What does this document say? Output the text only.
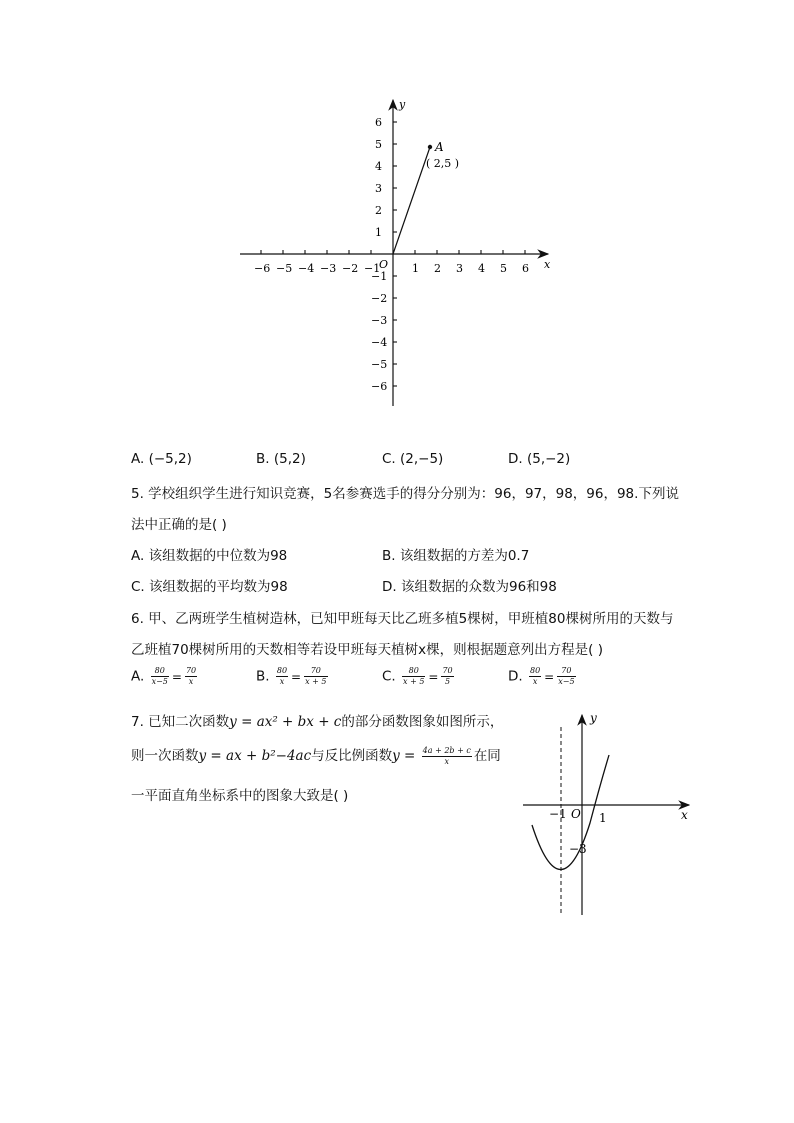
−1	1
−2	2
−3	3
−4	4
−5	5
−6	6
1
−1
2
−2
3
−3
4
−4
5
−5
6
−6
A
( 2,5 )
x
y
O
A. (−5,2)	B. (5,2)	C. (2,−5)	D. (5,−2)
5. 学校组织学生进行知识竞赛，5名参赛选手的得分分别为：96，97，98，96，98.下列说
法中正确的是( )
A. 该组数据的中位数为98	B. 该组数据的方差为0.7
C. 该组数据的平均数为98	D. 该组数据的众数为96和98
6. 甲、乙两班学生植树造林，已知甲班每天比乙班多植5棵树，甲班植80棵树所用的天数与
乙班植70棵树所用的天数相等若设甲班每天植树x棵，则根据题意列出方程是( )
A. $\frac{80}{x-5} = \frac{70}{x}$	B. $\frac{80}{x} = \frac{70}{x + 5}$	C. $\frac{80}{x + 5} = \frac{70}{5}$	D. $\frac{80}{x} = \frac{70}{x-5}$
7. 已知二次函数y = ax² + bx + c的部分函数图象如图所示，
则一次函数y = ax + b²−4ac与反比例函数$y = \frac{4a + 2b + c}{x}$ 在同
一平面直角坐标系中的图象大致是( )
x
y
O
−1	1
−3
